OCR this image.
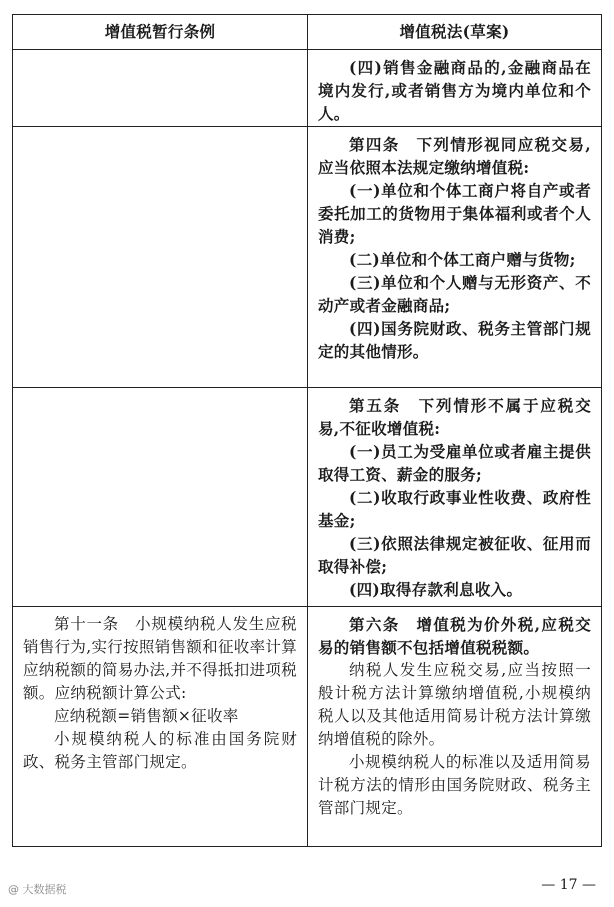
增值税暂行条例	增值税法(草案)

(四)销售金融商品的,金融商品在境内发行,或者销售方为境内单位和个人。

第四条　下列情形视同应税交易,应当依照本法规定缴纳增值税:

(一)单位和个体工商户将自产或者委托加工的货物用于集体福利或者个人消费;

(二)单位和个体工商户赠与货物;

(三)单位和个人赠与无形资产、不动产或者金融商品;

(四)国务院财政、税务主管部门规定的其他情形。

第五条　下列情形不属于应税交易,不征收增值税:

(一)员工为受雇单位或者雇主提供取得工资、薪金的服务;

(二)收取行政事业性收费、政府性基金;

(三)依照法律规定被征收、征用而取得补偿;

(四)取得存款利息收入。

第十一条　小规模纳税人发生应税销售行为,实行按照销售额和征收率计算应纳税额的简易办法,并不得抵扣进项税额。应纳税额计算公式:

应纳税额=销售额×征收率

小规模纳税人的标准由国务院财政、税务主管部门规定。

第六条　增值税为价外税,应税交易的销售额不包括增值税税额。

纳税人发生应税交易,应当按照一般计税方法计算缴纳增值税,小规模纳税人以及其他适用简易计税方法计算缴纳增值税的除外。

小规模纳税人的标准以及适用简易计税方法的情形由国务院财政、税务主管部门规定。

@ 大数据税	— 17 —
